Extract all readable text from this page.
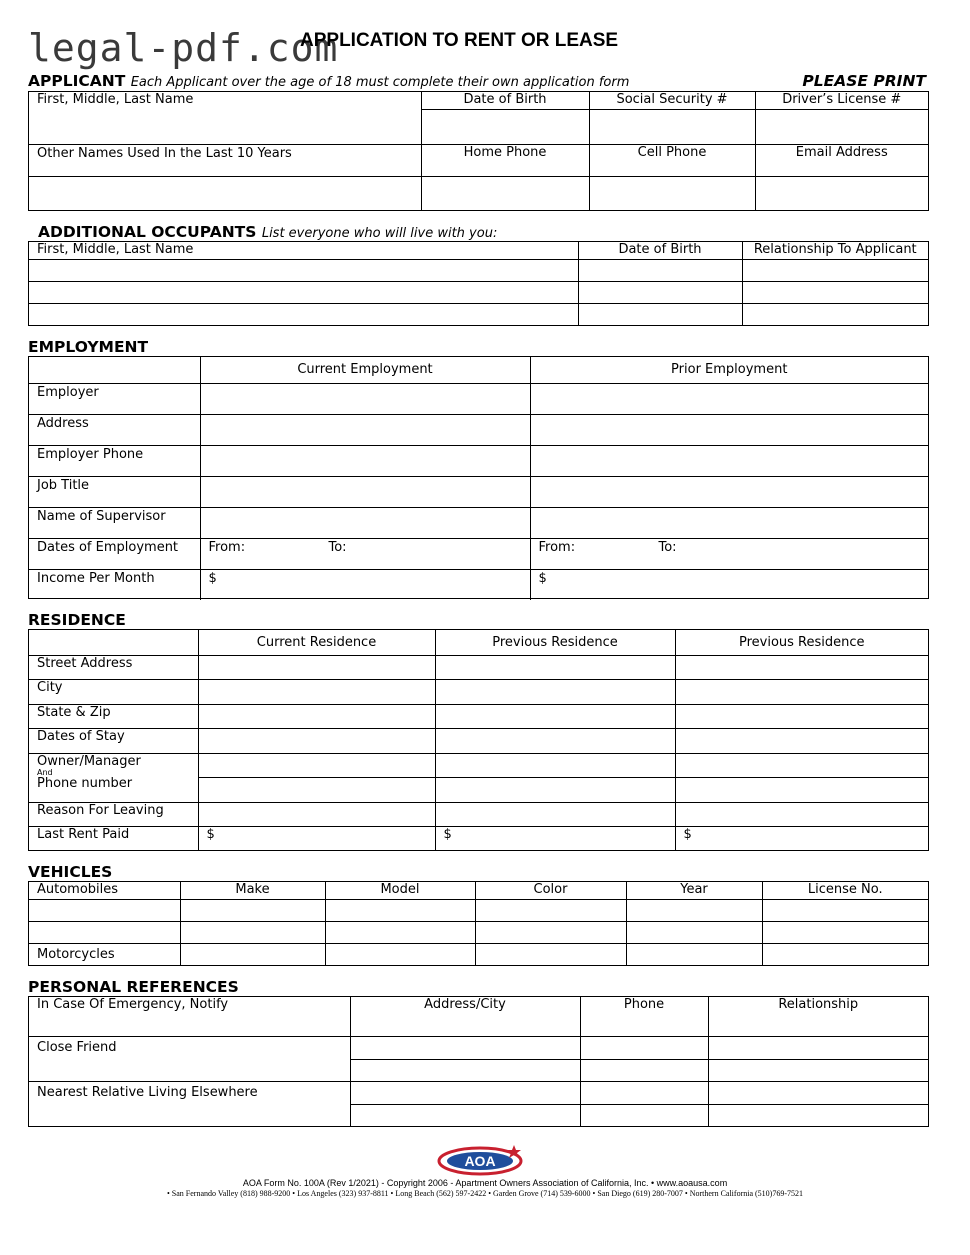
legal-pdf.com
APPLICATION TO RENT OR LEASE
APPLICANT Each Applicant over the age of 18 must complete their own application form	PLEASE PRINT
First, Middle, Last Name	Date of Birth	Social Security #	Driver’s License #

Other Names Used In the Last 10 Years	Home Phone	Cell Phone	Email Address

ADDITIONAL OCCUPANTS List everyone who will live with you:
First, Middle, Last Name	Date of Birth	Relationship To Applicant

EMPLOYMENT
	Current Employment	Prior Employment
Employer		
Address		
Employer Phone		
Job Title		
Name of Supervisor		
Dates of Employment	From: To:	From: To:

Income Per Month	$	$
RESIDENCE
	Current Residence	Previous Residence	Previous Residence
Street Address			
City			
State & Zip			
Dates of Stay			
Owner/Manager
And
Phone number			

Reason For Leaving			
Last Rent Paid	$	$	$
VEHICLES
Automobiles	Make	Model	Color	Year	License No.

Motorcycles					
PERSONAL REFERENCES
In Case Of Emergency, Notify	Address/City	Phone	Relationship

Close Friend			

Nearest Relative Living Elsewhere			

AOA
AOA Form No. 100A (Rev 1/2021) - Copyright 2006 - Apartment Owners Association of California, Inc. • www.aoausa.com
• San Fernando Valley (818) 988-9200 • Los Angeles (323) 937-8811 • Long Beach (562) 597-2422 • Garden Grove (714) 539-6000 • San Diego (619) 280-7007 • Northern California (510)769-7521
